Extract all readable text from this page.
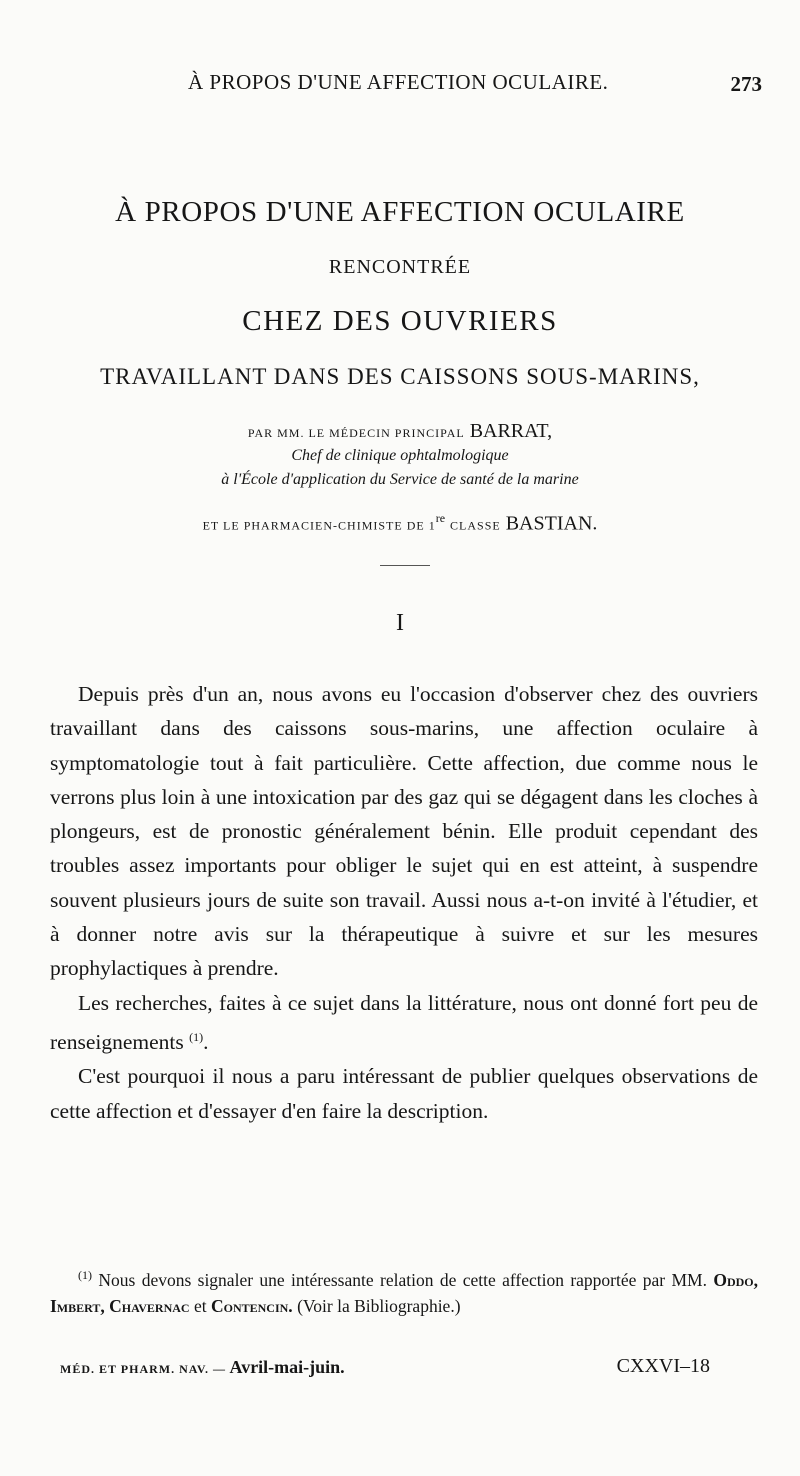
À PROPOS D'UNE AFFECTION OCULAIRE.	273
À PROPOS D'UNE AFFECTION OCULAIRE
RENCONTRÉE
CHEZ DES OUVRIERS
TRAVAILLANT DANS DES CAISSONS SOUS-MARINS,
PAR MM. LE MÉDECIN PRINCIPAL BARRAT,
Chef de clinique ophtalmologique
à l'École d'application du Service de santé de la marine
ET LE PHARMACIEN-CHIMISTE DE 1re CLASSE BASTIAN.
I

Depuis près d'un an, nous avons eu l'occasion d'observer chez des ouvriers travaillant dans des caissons sous-marins, une affection oculaire à symptomatologie tout à fait particulière. Cette affection, due comme nous le verrons plus loin à une intoxication par des gaz qui se dégagent dans les cloches à plongeurs, est de pronostic généralement bénin. Elle produit cependant des troubles assez importants pour obliger le sujet qui en est atteint, à suspendre souvent plusieurs jours de suite son travail. Aussi nous a-t-on invité à l'étudier, et à donner notre avis sur la thérapeutique à suivre et sur les mesures prophylactiques à prendre.

Les recherches, faites à ce sujet dans la littérature, nous ont donné fort peu de renseignements $^{(1)}$.

C'est pourquoi il nous a paru intéressant de publier quelques observations de cette affection et d'essayer d'en faire la description.

$^{(1)}$ Nous devons signaler une intéressante relation de cette affection rapportée par MM. Oddo, Imbert, Chavernac et Contencin. (Voir la Bibliographie.)

MÉD. ET PHARM. NAV. — Avril-mai-juin.	CXXVI–18
